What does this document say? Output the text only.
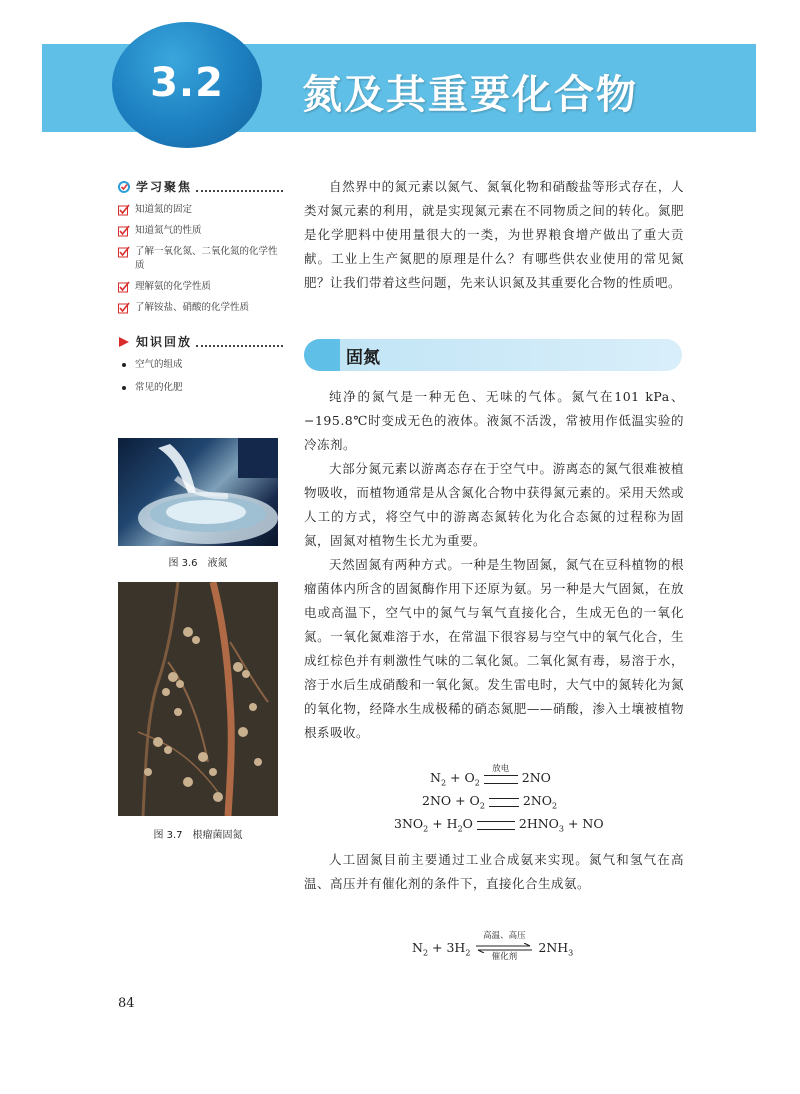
3.2	氮及其重要化合物
学习聚焦
知道氮的固定
知道氮气的性质
了解一氧化氮、二氧化氮的化学性质
理解氨的化学性质
了解铵盐、硝酸的化学性质
知识回放
空气的组成
常见的化肥
图 3.6　液氮
图 3.7　根瘤菌固氮

自然界中的氮元素以氮气、氮氧化物和硝酸盐等形式存在，人类对氮元素的利用，就是实现氮元素在不同物质之间的转化。氮肥是化学肥料中使用量很大的一类，为世界粮食增产做出了重大贡献。工业上生产氮肥的原理是什么？有哪些供农业使用的常见氮肥？让我们带着这些问题，先来认识氮及其重要化合物的性质吧。

固氮

纯净的氮气是一种无色、无味的气体。氮气在101 kPa、−195.8℃时变成无色的液体。液氮不活泼，常被用作低温实验的冷冻剂。

大部分氮元素以游离态存在于空气中。游离态的氮气很难被植物吸收，而植物通常是从含氮化合物中获得氮元素的。采用天然或人工的方式，将空气中的游离态氮转化为化合态氮的过程称为固氮，固氮对植物生长尤为重要。

天然固氮有两种方式。一种是生物固氮，氮气在豆科植物的根瘤菌体内所含的固氮酶作用下还原为氨。另一种是大气固氮，在放电或高温下，空气中的氮气与氧气直接化合，生成无色的一氧化氮。一氧化氮难溶于水，在常温下很容易与空气中的氧气化合，生成红棕色并有刺激性气味的二氧化氮。二氧化氮有毒，易溶于水，溶于水后生成硝酸和一氧化氮。发生雷电时，大气中的氮转化为氮的氧化物，经降水生成极稀的硝态氮肥——硝酸，渗入土壤被植物根系吸收。

$N_2 + O_2$
放电
2NO
$2NO + O_2$	$2NO_2$
$3NO_2 + H_2O$	$2HNO_3$ + NO

人工固氮目前主要通过工业合成氨来实现。氮气和氢气在高温、高压并有催化剂的条件下，直接化合生成氨。

$N_2 + 3H_2$
高温、高压
催化剂
$2NH_3$
84
